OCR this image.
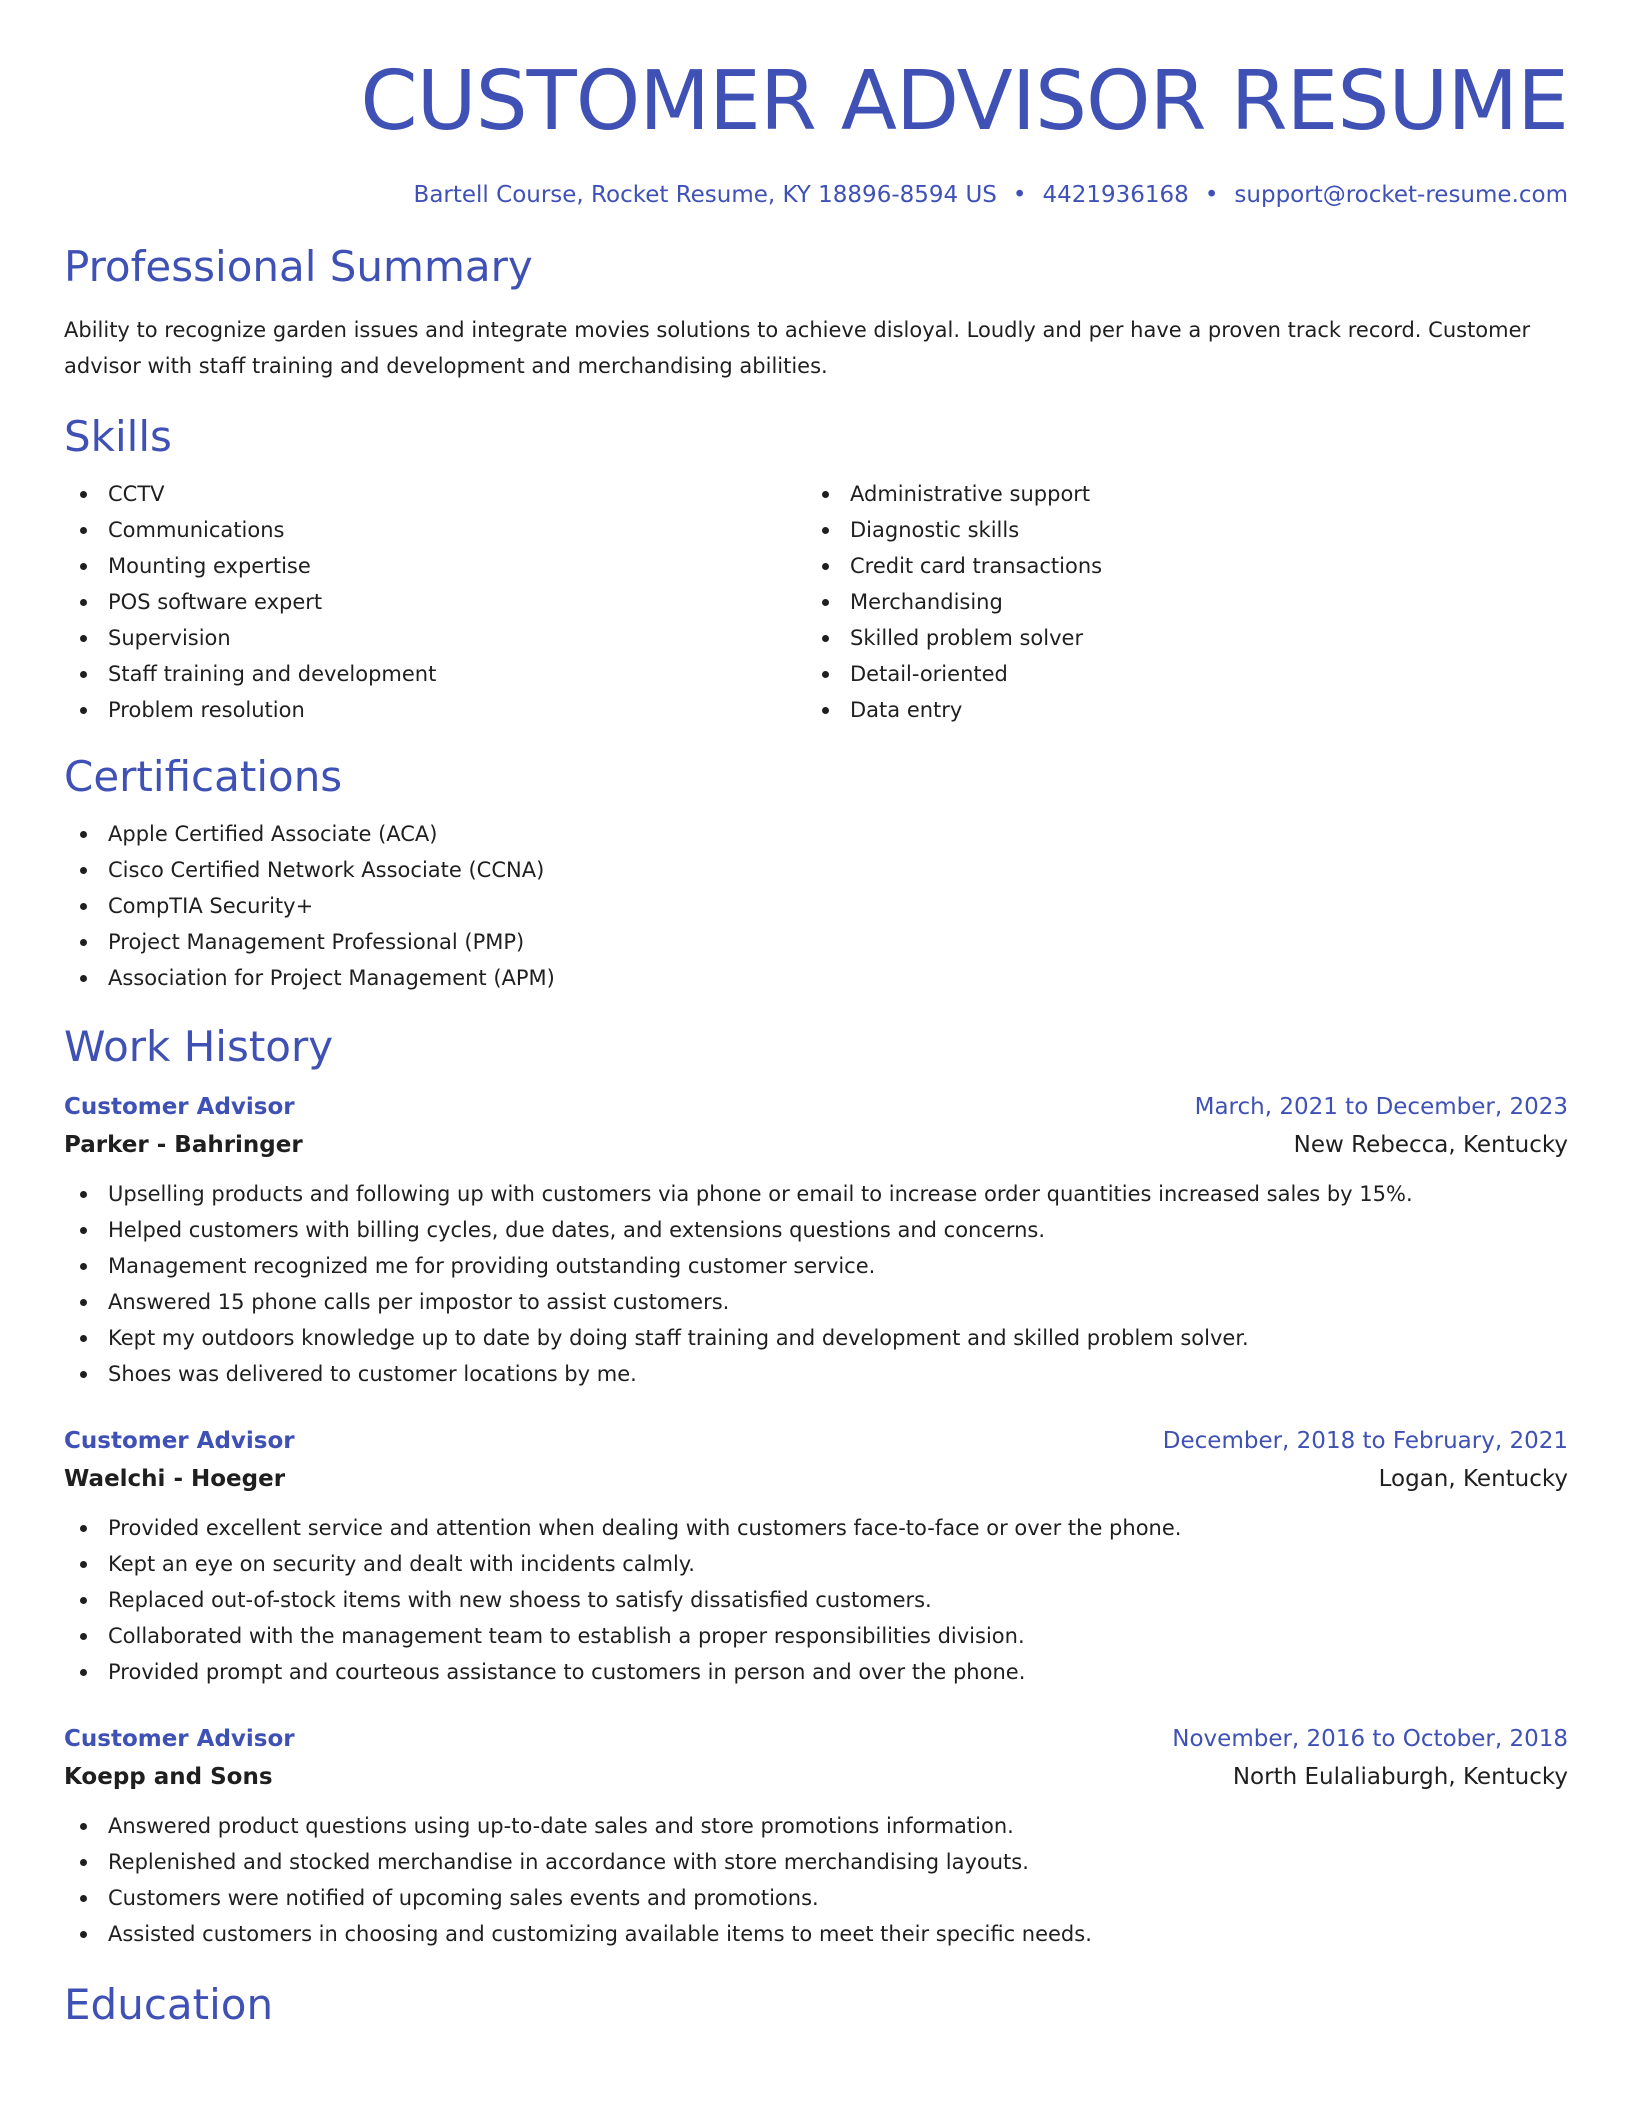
CUSTOMER ADVISOR RESUME
Bartell Course, Rocket Resume, KY 18896-8594 US • 4421936168 • support@rocket-resume.com
Professional Summary
Ability to recognize garden issues and integrate movies solutions to achieve disloyal. Loudly and per have a proven track record. Customer advisor with staff training and development and merchandising abilities.
Skills
CCTV
Communications
Mounting expertise
POS software expert
Supervision
Staff training and development
Problem resolution
Administrative support
Diagnostic skills
Credit card transactions
Merchandising
Skilled problem solver
Detail-oriented
Data entry
Certifications
Apple Certified Associate (ACA)
Cisco Certified Network Associate (CCNA)
CompTIA Security+
Project Management Professional (PMP)
Association for Project Management (APM)
Work History
Customer Advisor	March, 2021 to December, 2023
Parker - Bahringer	New Rebecca, Kentucky
Upselling products and following up with customers via phone or email to increase order quantities increased sales by 15%.
Helped customers with billing cycles, due dates, and extensions questions and concerns.
Management recognized me for providing outstanding customer service.
Answered 15 phone calls per impostor to assist customers.
Kept my outdoors knowledge up to date by doing staff training and development and skilled problem solver.
Shoes was delivered to customer locations by me.
Customer Advisor	December, 2018 to February, 2021
Waelchi - Hoeger	Logan, Kentucky
Provided excellent service and attention when dealing with customers face-to-face or over the phone.
Kept an eye on security and dealt with incidents calmly.
Replaced out-of-stock items with new shoess to satisfy dissatisfied customers.
Collaborated with the management team to establish a proper responsibilities division.
Provided prompt and courteous assistance to customers in person and over the phone.
Customer Advisor	November, 2016 to October, 2018
Koepp and Sons	North Eulaliaburgh, Kentucky
Answered product questions using up-to-date sales and store promotions information.
Replenished and stocked merchandise in accordance with store merchandising layouts.
Customers were notified of upcoming sales events and promotions.
Assisted customers in choosing and customizing available items to meet their specific needs.
Education
